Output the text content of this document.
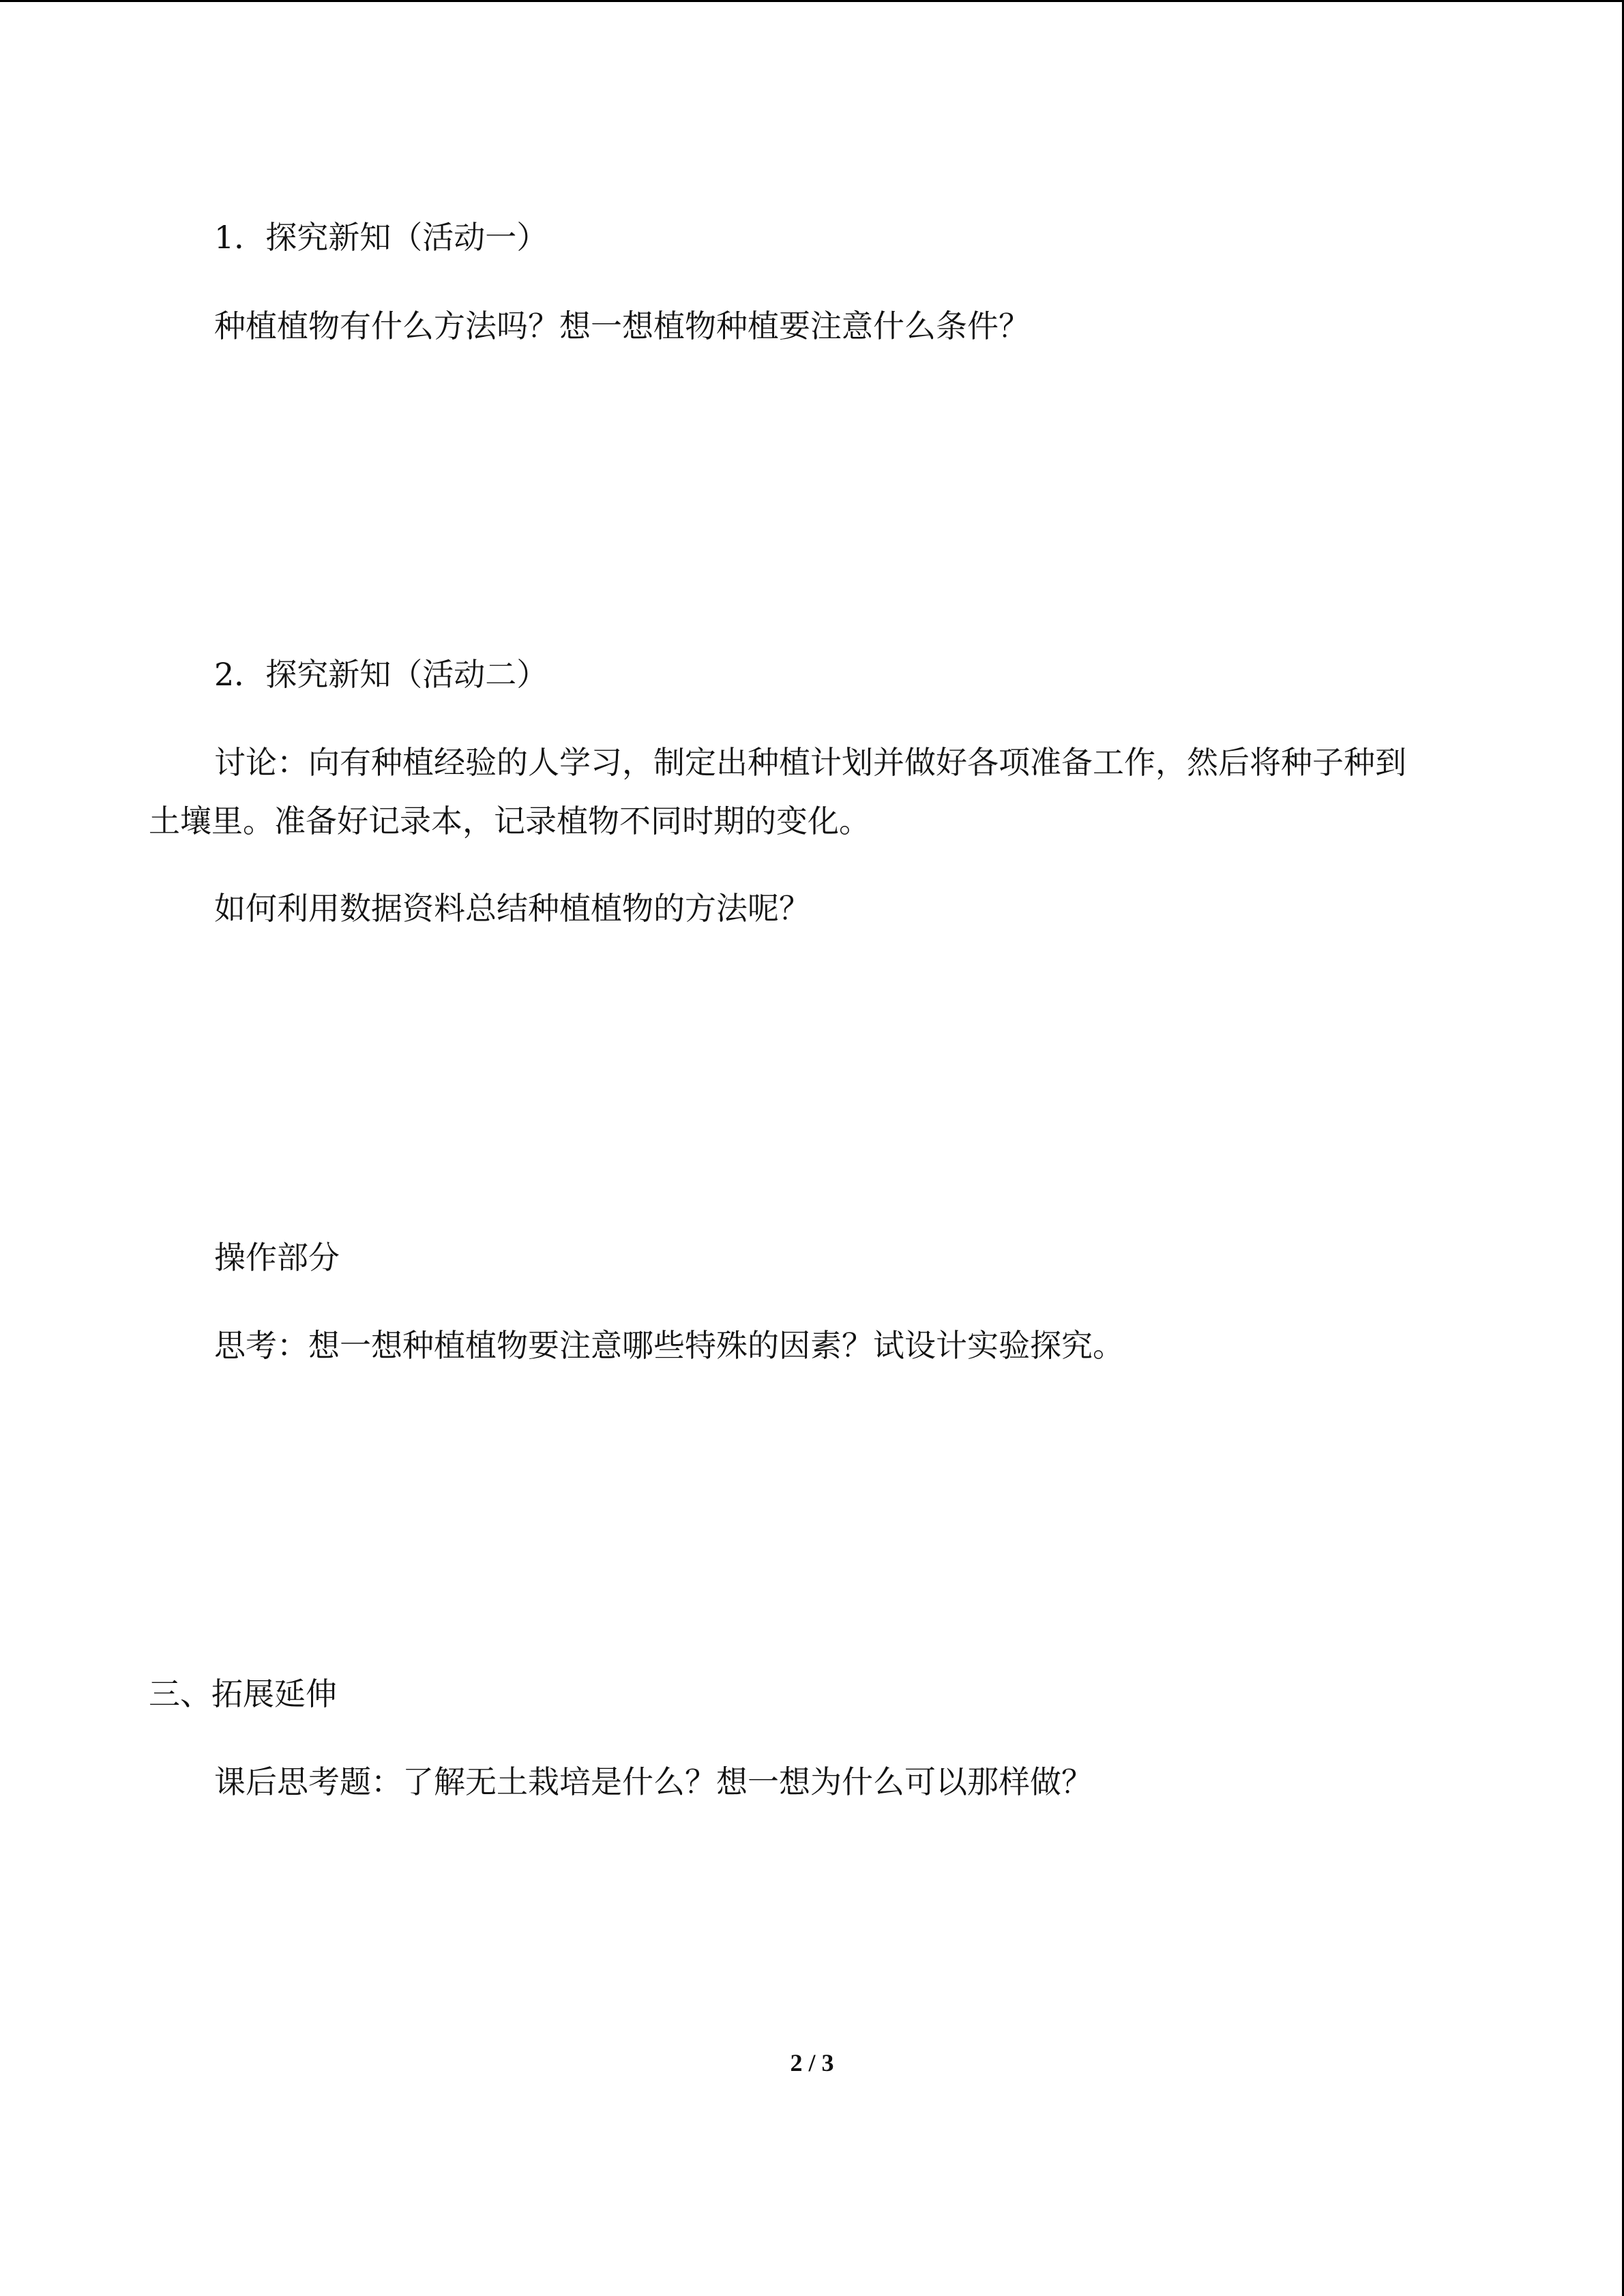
1．探究新知（活动一）
种植植物有什么方法吗？想一想植物种植要注意什么条件？
2．探究新知（活动二）
讨论：向有种植经验的人学习，制定出种植计划并做好各项准备工作，然后将种子种到
土壤里。准备好记录本，记录植物不同时期的变化。
如何利用数据资料总结种植植物的方法呢？
操作部分
思考：想一想种植植物要注意哪些特殊的因素？试设计实验探究。
三、拓展延伸
课后思考题：了解无土栽培是什么？想一想为什么可以那样做？
2 / 3
